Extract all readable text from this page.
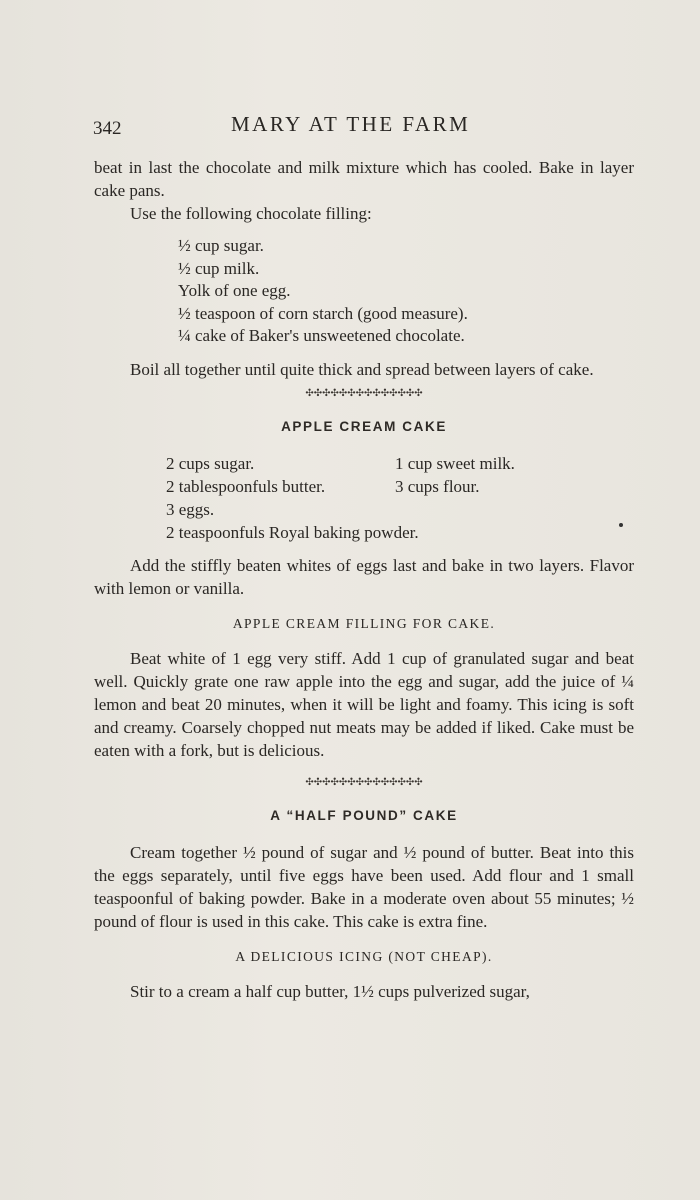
342	MARY AT THE FARM

beat in last the chocolate and milk mixture which has cooled. Bake in layer cake pans.

Use the following chocolate filling:

½ cup sugar.
½ cup milk.
Yolk of one egg.
½ teaspoon of corn starch (good measure).
¼ cake of Baker's unsweetened chocolate.

Boil all together until quite thick and spread between layers of cake.

✣✣✣✣✣✣✣✣✣✣✣✣✣✣
APPLE CREAM CAKE
2 cups sugar.
2 tablespoonfuls butter.
3 eggs.
2 teaspoonfuls Royal baking powder.
1 cup sweet milk.
3 cups flour.

Add the stiffly beaten whites of eggs last and bake in two layers. Flavor with lemon or vanilla.

APPLE CREAM FILLING FOR CAKE.

Beat white of 1 egg very stiff. Add 1 cup of granulated sugar and beat well. Quickly grate one raw apple into the egg and sugar, add the juice of ¼ lemon and beat 20 minutes, when it will be light and foamy. This icing is soft and creamy. Coarsely chopped nut meats may be added if liked. Cake must be eaten with a fork, but is delicious.

✣✣✣✣✣✣✣✣✣✣✣✣✣✣
A “HALF POUND” CAKE

Cream together ½ pound of sugar and ½ pound of butter. Beat into this the eggs separately, until five eggs have been used. Add flour and 1 small teaspoonful of baking powder. Bake in a moderate oven about 55 minutes; ½ pound of flour is used in this cake. This cake is extra fine.

A DELICIOUS ICING (NOT CHEAP).

Stir to a cream a half cup butter, 1½ cups pulverized sugar,
